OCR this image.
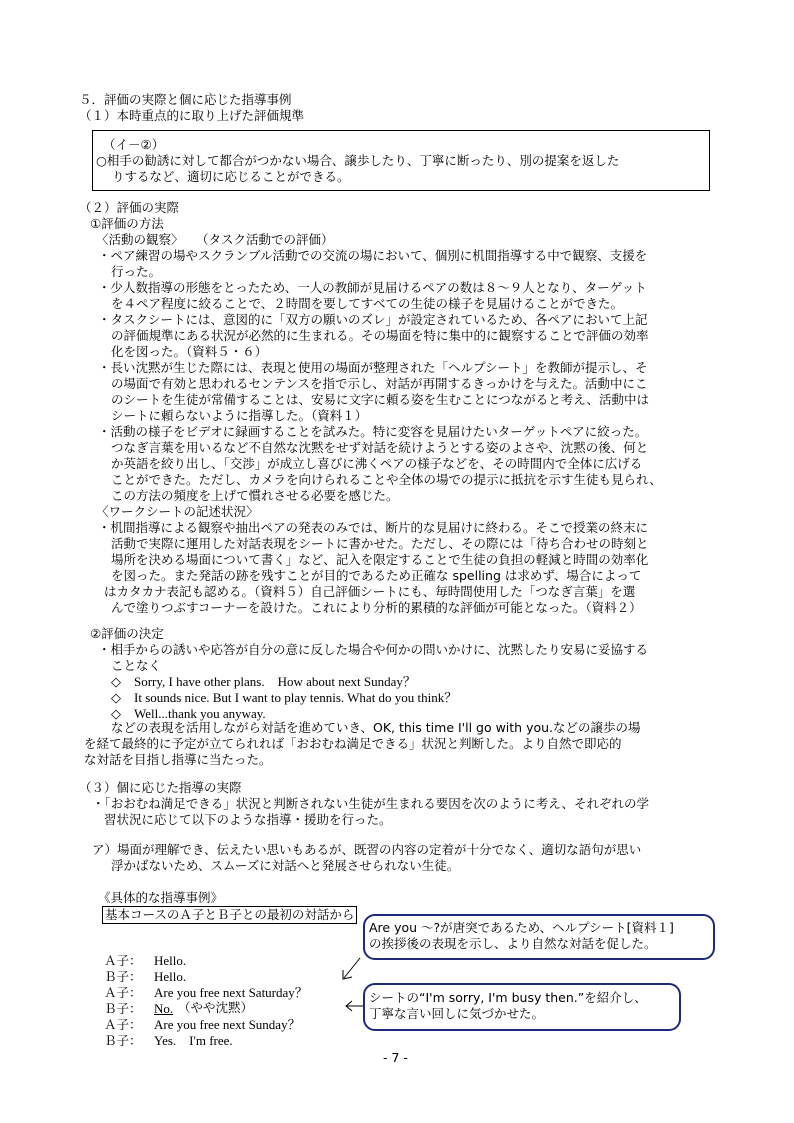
５．評価の実際と個に応じた指導事例
（１）本時重点的に取り上げた評価規準
（イ－②）
○相手の勧誘に対して都合がつかない場合、譲歩したり、丁寧に断ったり、別の提案を返した
りするなど、適切に応じることができる。
（２）評価の実際
①評価の方法
〈活動の観察〉　　（タスク活動での評価）
・ペア練習の場やスクランブル活動での交流の場において、個別に机間指導する中で観察、支援を
行った。
・少人数指導の形態をとったため、一人の教師が見届けるペアの数は８～９人となり、ターゲット
を４ペア程度に絞ることで、２時間を要してすべての生徒の様子を見届けることができた。
・タスクシートには、意図的に「双方の願いのズレ」が設定されているため、各ペアにおいて上記
の評価規準にある状況が必然的に生まれる。その場面を特に集中的に観察することで評価の効率
化を図った。（資料５・６）
・長い沈黙が生じた際には、表現と使用の場面が整理された「ヘルプシート」を教師が提示し、そ
の場面で有効と思われるセンテンスを指で示し、対話が再開するきっかけを与えた。活動中にこ
のシートを生徒が常備することは、安易に文字に頼る姿を生むことにつながると考え、活動中は
シートに頼らないように指導した。（資料１）
・活動の様子をビデオに録画することを試みた。特に変容を見届けたいターゲットペアに絞った。
つなぎ言葉を用いるなど不自然な沈黙をせず対話を続けようとする姿のよさや、沈黙の後、何と
か英語を絞り出し、「交渉」が成立し喜びに沸くペアの様子などを、その時間内で全体に広げる
ことができた。ただし、カメラを向けられることや全体の場での提示に抵抗を示す生徒も見られ、
この方法の頻度を上げて慣れさせる必要を感じた。
〈ワークシートの記述状況〉
・机間指導による観察や抽出ペアの発表のみでは、断片的な見届けに終わる。そこで授業の終末に
活動で実際に運用した対話表現をシートに書かせた。ただし、その際には「待ち合わせの時刻と
場所を決める場面について書く」など、記入を限定することで生徒の負担の軽減と時間の効率化
を図った。また発話の跡を残すことが目的であるため正確な spelling は求めず、場合によって
はカタカナ表記も認める。（資料５）自己評価シートにも、毎時間使用した「つなぎ言葉」を選
んで塗りつぶすコーナーを設けた。これにより分析的累積的な評価が可能となった。（資料２）
②評価の決定
・相手からの誘いや応答が自分の意に反した場合や何かの問いかけに、沈黙したり安易に妥協する
ことなく
◇　Sorry, I have other plans.　How about next Sunday？
◇　It sounds nice. But I want to play tennis. What do you think？
◇　Well...thank you anyway.
などの表現を活用しながら対話を進めていき、OK, this time I'll go with you.などの譲歩の場
を経て最終的に予定が立てられれば「おおむね満足できる」状況と判断した。より自然で即応的
な対話を目指し指導に当たった。
（３）個に応じた指導の実際
・「おおむね満足できる」状況と判断されない生徒が生まれる要因を次のように考え、それぞれの学
習状況に応じて以下のような指導・援助を行った。
ア）場面が理解でき、伝えたい思いもあるが、既習の内容の定着が十分でなく、適切な語句が思い
浮かばないため、スムーズに対話へと発展させられない生徒。
《具体的な指導事例》
基本コースのＡ子とＢ子との最初の対話から
Ａ子： Hello.
Ｂ子： Hello.
Ａ子： Are you free next Saturday？
Ｂ子： No. （やや沈黙）
Ａ子： Are you free next Sunday？
Ｂ子： Yes.　I'm free.
Are you ～?が唐突であるため、ヘルプシート[資料１]
の挨拶後の表現を示し、より自然な対話を促した。
シートの“I'm sorry, I'm busy then.”を紹介し、
丁寧な言い回しに気づかせた。
- 7 -
